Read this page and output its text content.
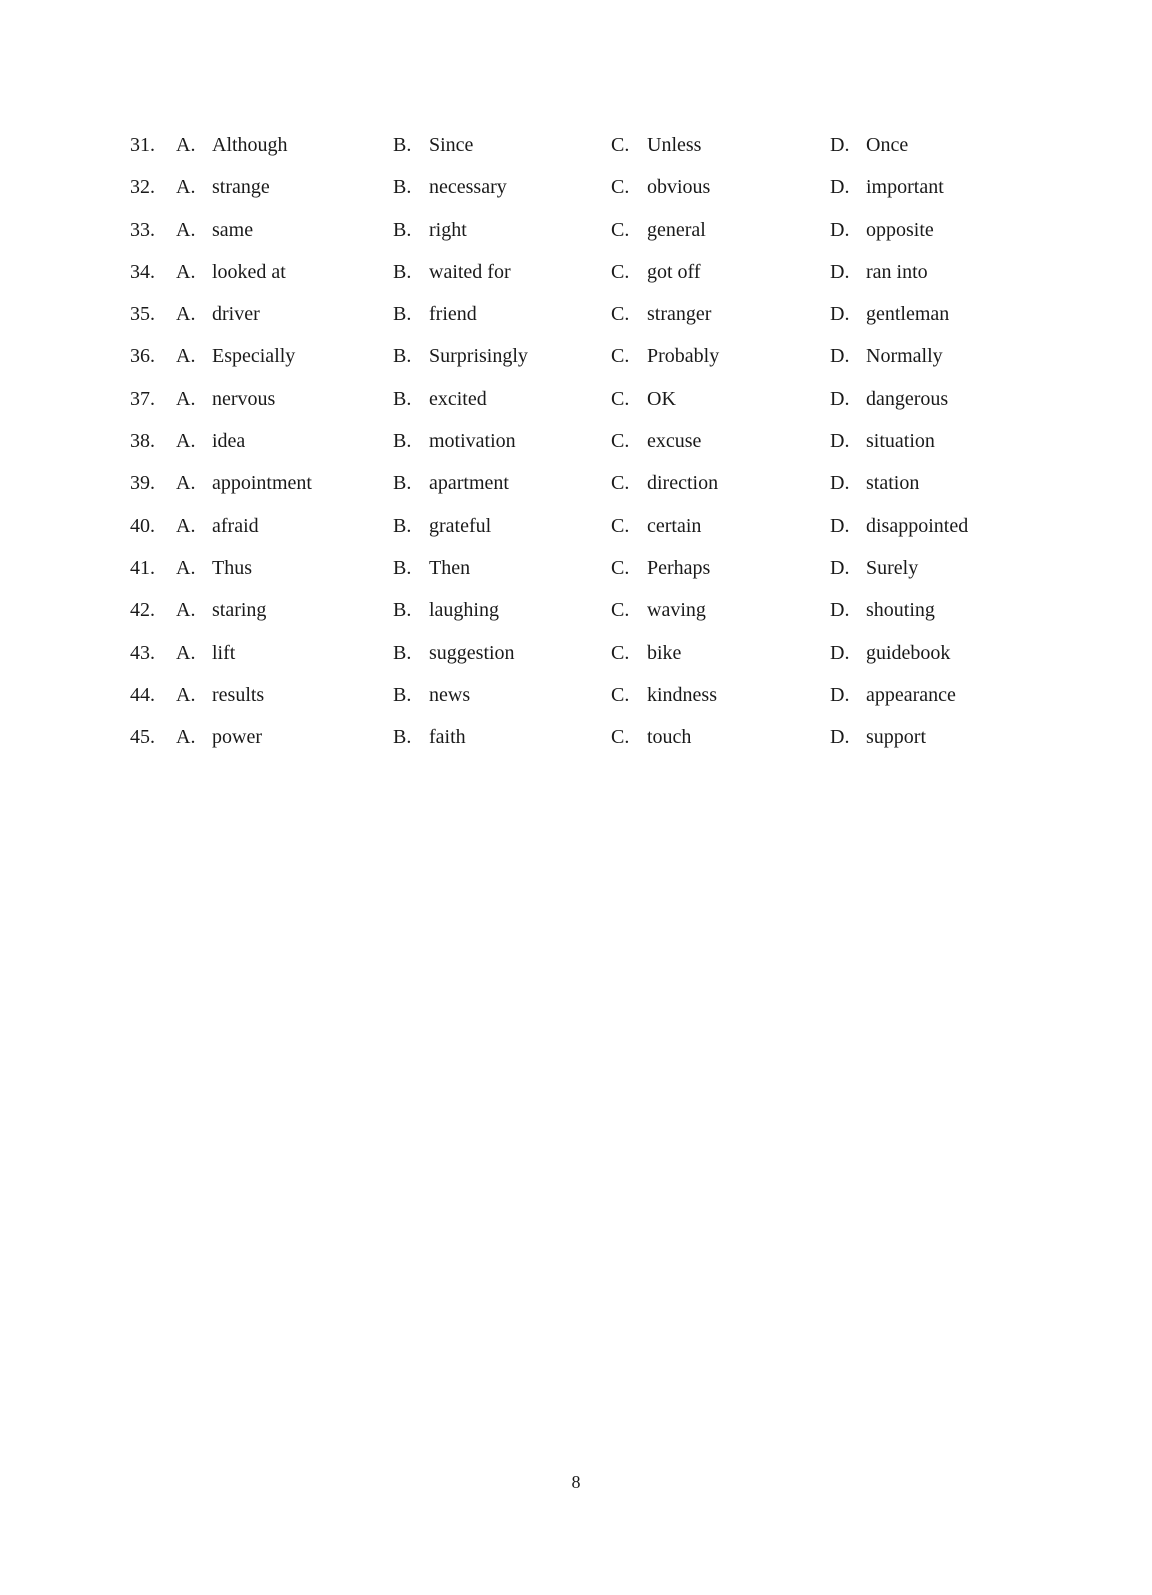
31. A. Although	B. Since	C. Unless	D. Once
32. A. strange	B. necessary	C. obvious	D. important
33. A. same	B. right	C. general	D. opposite
34. A. looked at	B. waited for	C. got off	D. ran into
35. A. driver	B. friend	C. stranger	D. gentleman
36. A. Especially	B. Surprisingly	C. Probably	D. Normally
37. A. nervous	B. excited	C. OK	D. dangerous
38. A. idea	B. motivation	C. excuse	D. situation
39. A. appointment	B. apartment	C. direction	D. station
40. A. afraid	B. grateful	C. certain	D. disappointed
41. A. Thus	B. Then	C. Perhaps	D. Surely
42. A. staring	B. laughing	C. waving	D. shouting
43. A. lift	B. suggestion	C. bike	D. guidebook
44. A. results	B. news	C. kindness	D. appearance
45. A. power	B. faith	C. touch	D. support
8
